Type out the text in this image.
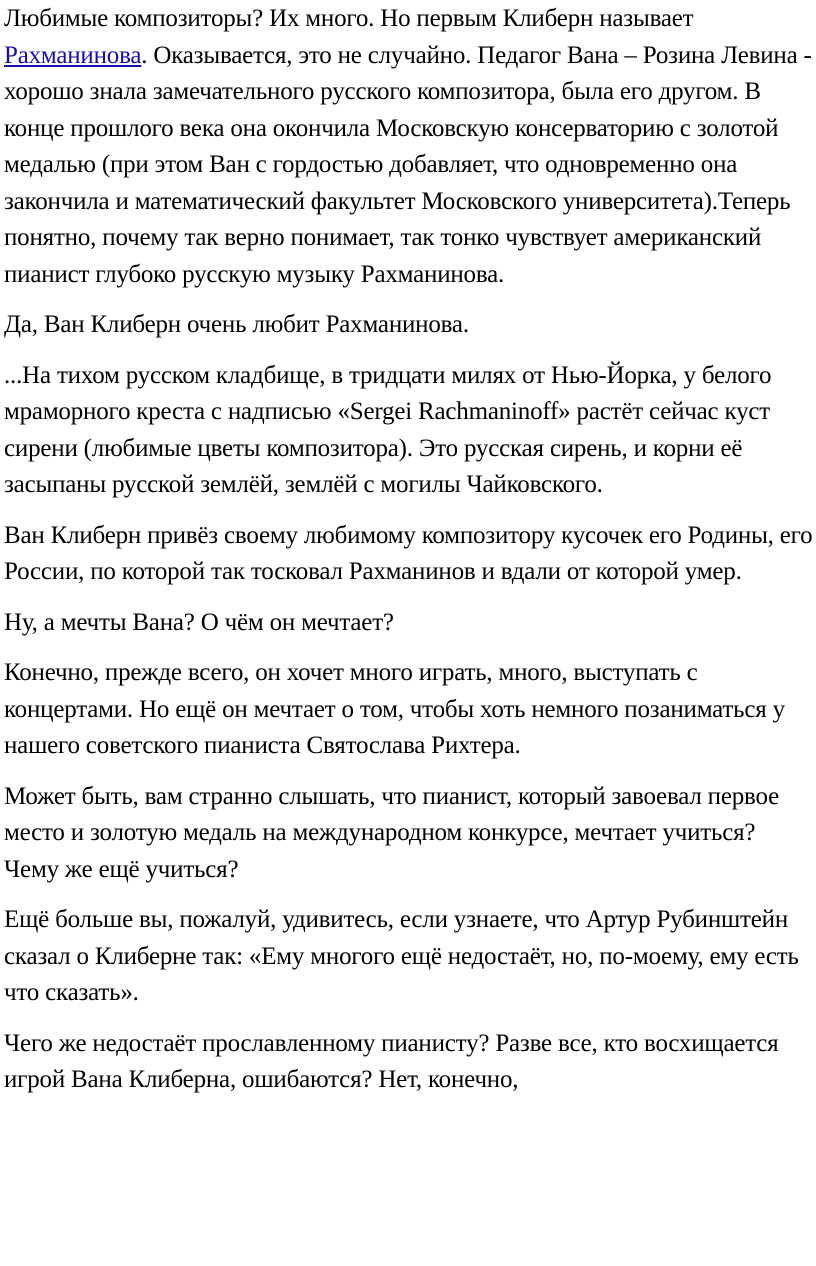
Любимые композиторы? Их много. Но первым Клиберн называет Рахманинова. Оказывается, это не случайно. Педагог Вана – Розина Левина - хорошо знала замечательного русского композитора, была его другом. В конце прошлого века она окончила Московскую консерваторию с золотой медалью (при этом Ван с гордостью добавляет, что одновременно она закончила и математический факультет Московского университета).Теперь понятно, почему так верно понимает, так тонко чувствует американский пианист глубоко русскую музыку Рахманинова.

Да, Ван Клиберн очень любит Рахманинова.

...На тихом русском кладбище, в тридцати милях от Нью-Йорка, у белого мраморного креста с надписью «Sergei Rachmaninoff» растёт сейчас куст сирени (любимые цветы композитора). Это русская сирень, и корни её засыпаны русской землёй, землёй с могилы Чайковского.

Ван Клиберн привёз своему любимому композитору кусочек его Родины, его России, по которой так тосковал Рахманинов и вдали от которой умер.

Ну, а мечты Вана? О чём он мечтает?

Конечно, прежде всего, он хочет много играть, много, выступать с концертами. Но ещё он мечтает о том, чтобы хоть немного позаниматься у нашего советского пианиста Святослава Рихтера.

Может быть, вам странно слышать, что пианист, который завоевал первое место и золотую медаль на международном конкурсе, мечтает учиться? Чему же ещё учиться?

Ещё больше вы, пожалуй, удивитесь, если узнаете, что Артур Рубинштейн сказал о Клиберне так: «Ему многого ещё недостаёт, но, по-моему, ему есть что сказать».

Чего же недостаёт прославленному пианисту? Разве все, кто восхищается игрой Вана Клиберна, ошибаются? Нет, конечно,
